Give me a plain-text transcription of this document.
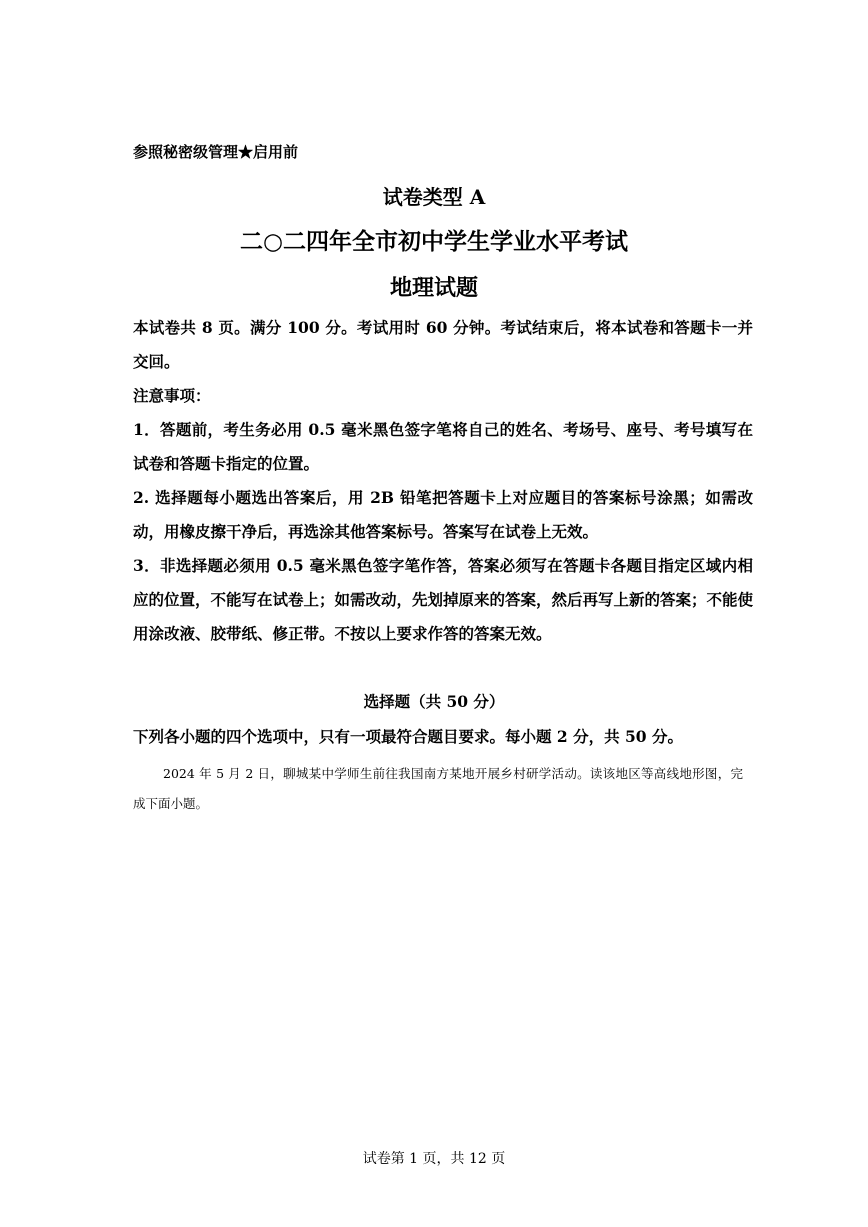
参照秘密级管理★启用前
试卷类型 A
二○二四年全市初中学生学业水平考试
地理试题

本试卷共 8 页。满分 100 分。考试用时 60 分钟。考试结束后，将本试卷和答题卡一并交回。

注意事项：

1．答题前，考生务必用 0.5 毫米黑色签字笔将自己的姓名、考场号、座号、考号填写在试卷和答题卡指定的位置。

2. 选择题每小题选出答案后，用 2B 铅笔把答题卡上对应题目的答案标号涂黑；如需改动，用橡皮擦干净后，再选涂其他答案标号。答案写在试卷上无效。

3．非选择题必须用 0.5 毫米黑色签字笔作答，答案必须写在答题卡各题目指定区域内相应的位置，不能写在试卷上；如需改动，先划掉原来的答案，然后再写上新的答案；不能使用涂改液、胶带纸、修正带。不按以上要求作答的答案无效。

选择题（共 50 分）
下列各小题的四个选项中，只有一项最符合题目要求。每小题 2 分，共 50 分。
2024 年 5 月 2 日，聊城某中学师生前往我国南方某地开展乡村研学活动。读该地区等高线地形图，完成下面小题。
试卷第 1 页，共 12 页
